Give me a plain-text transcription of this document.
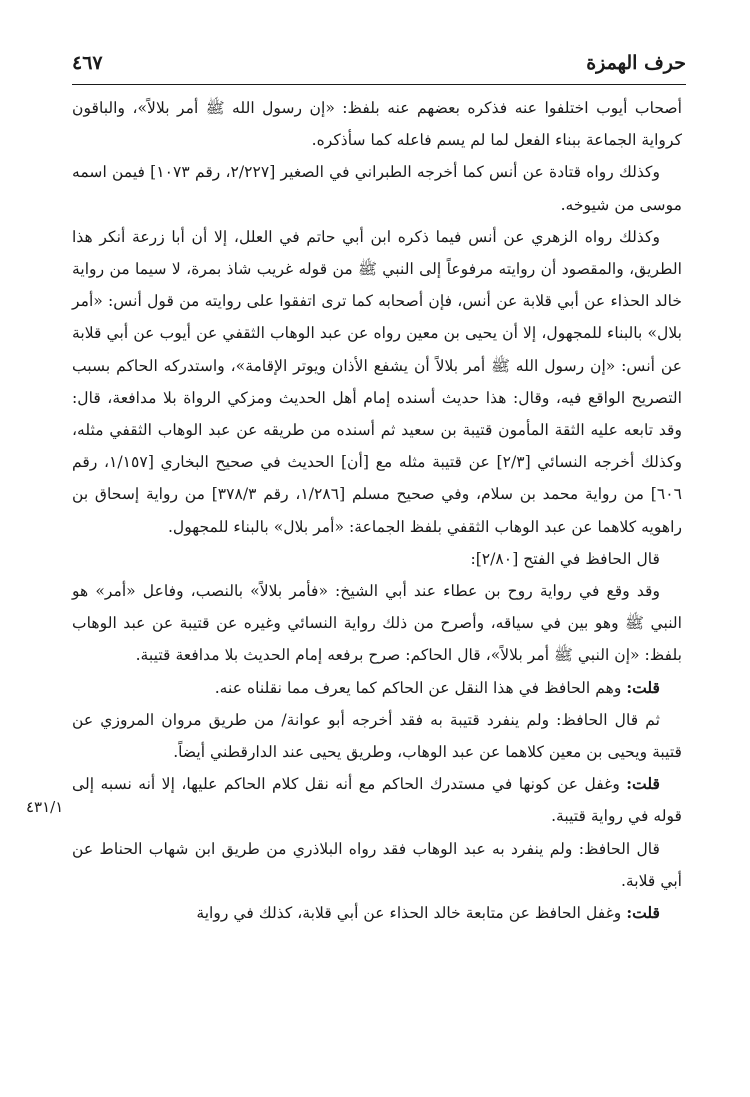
حرف الهمزة
٤٦٧
٤٣١/١

أصحاب أيوب اختلفوا عنه فذكره بعضهم عنه بلفظ: «إن رسول الله ﷺ أمر بلالاً»، والباقون كرواية الجماعة ببناء الفعل لما لم يسم فاعله كما سأذكره.

وكذلك رواه قتادة عن أنس كما أخرجه الطبراني في الصغير [٢/٢٢٧، رقم ١٠٧٣] فيمن اسمه موسى من شيوخه.

وكذلك رواه الزهري عن أنس فيما ذكره ابن أبي حاتم في العلل، إلا أن أبا زرعة أنكر هذا الطريق، والمقصود أن روايته مرفوعاً إلى النبي ﷺ من قوله غريب شاذ بمرة، لا سيما من رواية خالد الحذاء عن أبي قلابة عن أنس، فإن أصحابه كما ترى اتفقوا على روايته من قول أنس: «أمر بلال» بالبناء للمجهول، إلا أن يحيى بن معين رواه عن عبد الوهاب الثقفي عن أيوب عن أبي قلابة عن أنس: «إن رسول الله ﷺ أمر بلالاً أن يشفع الأذان ويوتر الإقامة»، واستدركه الحاكم بسبب التصريح الواقع فيه، وقال: هذا حديث أسنده إمام أهل الحديث ومزكي الرواة بلا مدافعة، قال: وقد تابعه عليه الثقة المأمون قتيبة بن سعيد ثم أسنده من طريقه عن عبد الوهاب الثقفي مثله، وكذلك أخرجه النسائي [٢/٣] عن قتيبة مثله مع [أن] الحديث في صحيح البخاري [١/١٥٧، رقم ٦٠٦] من رواية محمد بن سلام، وفي صحيح مسلم [١/٢٨٦، رقم ٣٧٨/٣] من رواية إسحاق بن راهويه كلاهما عن عبد الوهاب الثقفي بلفظ الجماعة: «أمر بلال» بالبناء للمجهول.

قال الحافظ في الفتح [٢/٨٠]:

وقد وقع في رواية روح بن عطاء عند أبي الشيخ: «فأمر بلالاً» بالنصب، وفاعل «أمر» هو النبي ﷺ وهو بين في سياقه، وأصرح من ذلك رواية النسائي وغيره عن قتيبة عن عبد الوهاب بلفظ: «إن النبي ﷺ أمر بلالاً»، قال الحاكم: صرح برفعه إمام الحديث بلا مدافعة قتيبة.

قلت: وهم الحافظ في هذا النقل عن الحاكم كما يعرف مما نقلناه عنه.

ثم قال الحافظ: ولم ينفرد قتيبة به فقد أخرجه أبو عوانة/ من طريق مروان المروزي عن قتيبة ويحيى بن معين كلاهما عن عبد الوهاب، وطريق يحيى عند الدارقطني أيضاً.

قلت: وغفل عن كونها في مستدرك الحاكم مع أنه نقل كلام الحاكم عليها، إلا أنه نسبه إلى قوله في رواية قتيبة.

قال الحافظ: ولم ينفرد به عبد الوهاب فقد رواه البلاذري من طريق ابن شهاب الحناط عن أبي قلابة.

قلت: وغفل الحافظ عن متابعة خالد الحذاء عن أبي قلابة، كذلك في رواية
